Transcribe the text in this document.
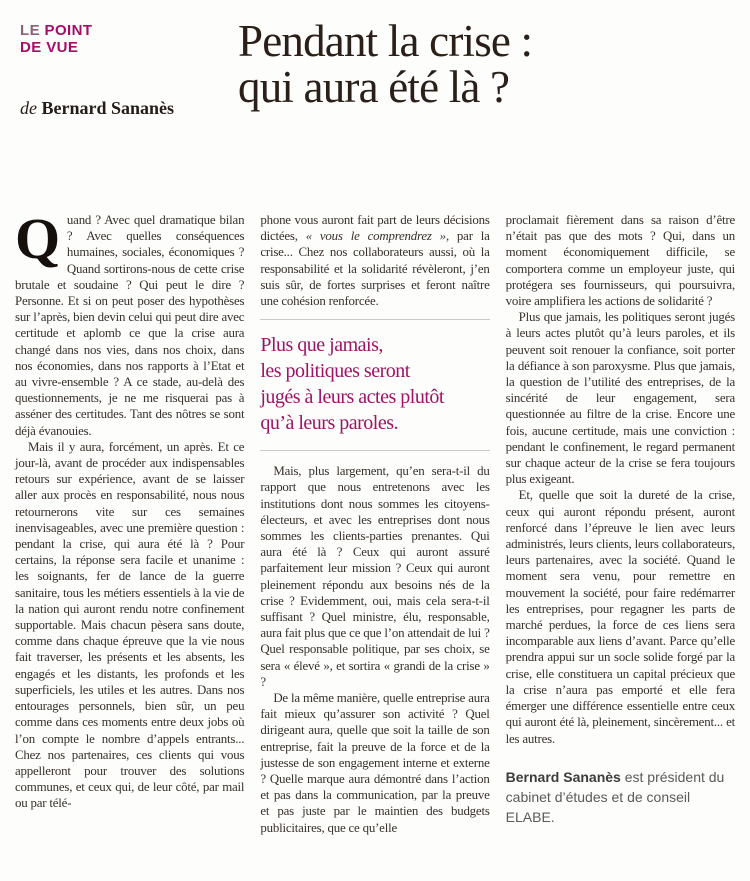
LE POINT
DE VUE
de Bernard Sananès
Pendant la crise :
qui aura été là ?

Quand ? Avec quel dramatique bilan ? Avec quelles conséquences humaines, sociales, économiques ? Quand sortirons-nous de cette crise brutale et soudaine ? Qui peut le dire ? Personne. Et si on peut poser des hypothèses sur l’après, bien devin celui qui peut dire avec certitude et aplomb ce que la crise aura changé dans nos vies, dans nos choix, dans nos économies, dans nos rapports à l’Etat et au vivre-ensemble ? A ce stade, au-delà des questionnements, je ne me risquerai pas à asséner des certitudes. Tant des nôtres se sont déjà évanouies.

Mais il y aura, forcément, un après. Et ce jour-là, avant de procéder aux indispensables retours sur expérience, avant de se laisser aller aux procès en responsabilité, nous nous retournerons vite sur ces semaines inenvisageables, avec une première question : pendant la crise, qui aura été là ? Pour certains, la réponse sera facile et unanime : les soignants, fer de lance de la guerre sanitaire, tous les métiers essentiels à la vie de la nation qui auront rendu notre confinement supportable. Mais chacun pèsera sans doute, comme dans chaque épreuve que la vie nous fait traverser, les présents et les absents, les engagés et les distants, les profonds et les superficiels, les utiles et les autres. Dans nos entourages personnels, bien sûr, un peu comme dans ces moments entre deux jobs où l’on compte le nombre d’appels entrants... Chez nos partenaires, ces clients qui vous appelleront pour trouver des solutions communes, et ceux qui, de leur côté, par mail ou par télé-

phone vous auront fait part de leurs décisions dictées, « vous le comprendrez », par la crise... Chez nos collaborateurs aussi, où la responsabilité et la solidarité révèleront, j’en suis sûr, de fortes surprises et feront naître une cohésion renforcée.

Plus que jamais,
les politiques seront
jugés à leurs actes plutôt
qu’à leurs paroles.

Mais, plus largement, qu’en sera-t-il du rapport que nous entretenons avec les institutions dont nous sommes les citoyens-électeurs, et avec les entreprises dont nous sommes les clients-parties prenantes. Qui aura été là ? Ceux qui auront assuré parfaitement leur mission ? Ceux qui auront pleinement répondu aux besoins nés de la crise ? Evidemment, oui, mais cela sera-t-il suffisant ? Quel ministre, élu, responsable, aura fait plus que ce que l’on attendait de lui ? Quel responsable politique, par ses choix, se sera « élevé », et sortira « grandi de la crise » ?

De la même manière, quelle entreprise aura fait mieux qu’assurer son activité ? Quel dirigeant aura, quelle que soit la taille de son entreprise, fait la preuve de la force et de la justesse de son engagement interne et externe ? Quelle marque aura démontré dans l’action et pas dans la communication, par la preuve et pas juste par le maintien des budgets publicitaires, que ce qu’elle

proclamait fièrement dans sa raison d’être n’était pas que des mots ? Qui, dans un moment économiquement difficile, se comportera comme un employeur juste, qui protégera ses fournisseurs, qui poursuivra, voire amplifiera les actions de solidarité ?

Plus que jamais, les politiques seront jugés à leurs actes plutôt qu’à leurs paroles, et ils peuvent soit renouer la confiance, soit porter la défiance à son paroxysme. Plus que jamais, la question de l’utilité des entreprises, de la sincérité de leur engagement, sera questionnée au filtre de la crise. Encore une fois, aucune certitude, mais une conviction : pendant le confinement, le regard permanent sur chaque acteur de la crise se fera toujours plus exigeant.

Et, quelle que soit la dureté de la crise, ceux qui auront répondu présent, auront renforcé dans l’épreuve le lien avec leurs administrés, leurs clients, leurs collaborateurs, leurs partenaires, avec la société. Quand le moment sera venu, pour remettre en mouvement la société, pour faire redémarrer les entreprises, pour regagner les parts de marché perdues, la force de ces liens sera incomparable aux liens d’avant. Parce qu’elle prendra appui sur un socle solide forgé par la crise, elle constituera un capital précieux que la crise n’aura pas emporté et elle fera émerger une différence essentielle entre ceux qui auront été là, pleinement, sincèrement... et les autres.

Bernard Sananès est président du cabinet d’études et de conseil ELABE.
